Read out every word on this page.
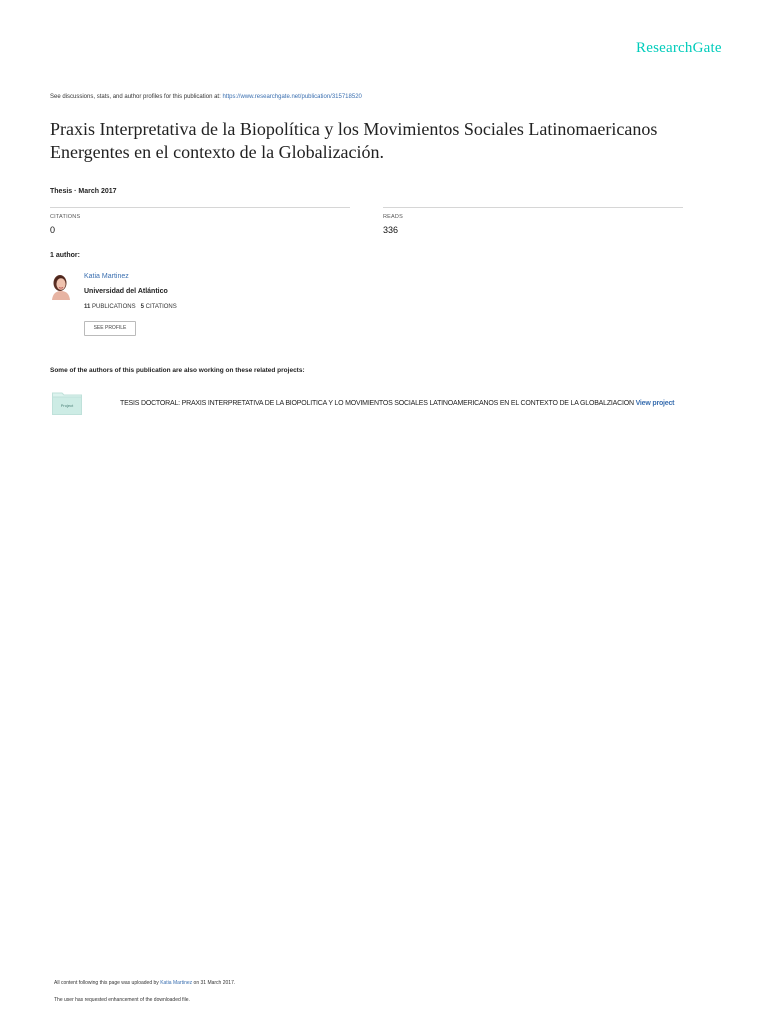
ResearchGate
See discussions, stats, and author profiles for this publication at: https://www.researchgate.net/publication/315718520
Praxis Interpretativa de la Biopolítica y los Movimientos Sociales Latinomaericanos Energentes en el contexto de la Globalización.
Thesis · March 2017
CITATIONS
0
READS
336
1 author:
Katia Martinez
Universidad del Atlántico
11 PUBLICATIONS 5 CITATIONS
SEE PROFILE
Some of the authors of this publication are also working on these related projects:
Project	TESIS DOCTORAL: PRAXIS INTERPRETATIVA DE LA BIOPOLITICA Y LO MOVIMIENTOS SOCIALES LATINOAMERICANOS EN EL CONTEXTO DE LA GLOBALZIACION View project
All content following this page was uploaded by Katia Martinez on 31 March 2017.
The user has requested enhancement of the downloaded file.
